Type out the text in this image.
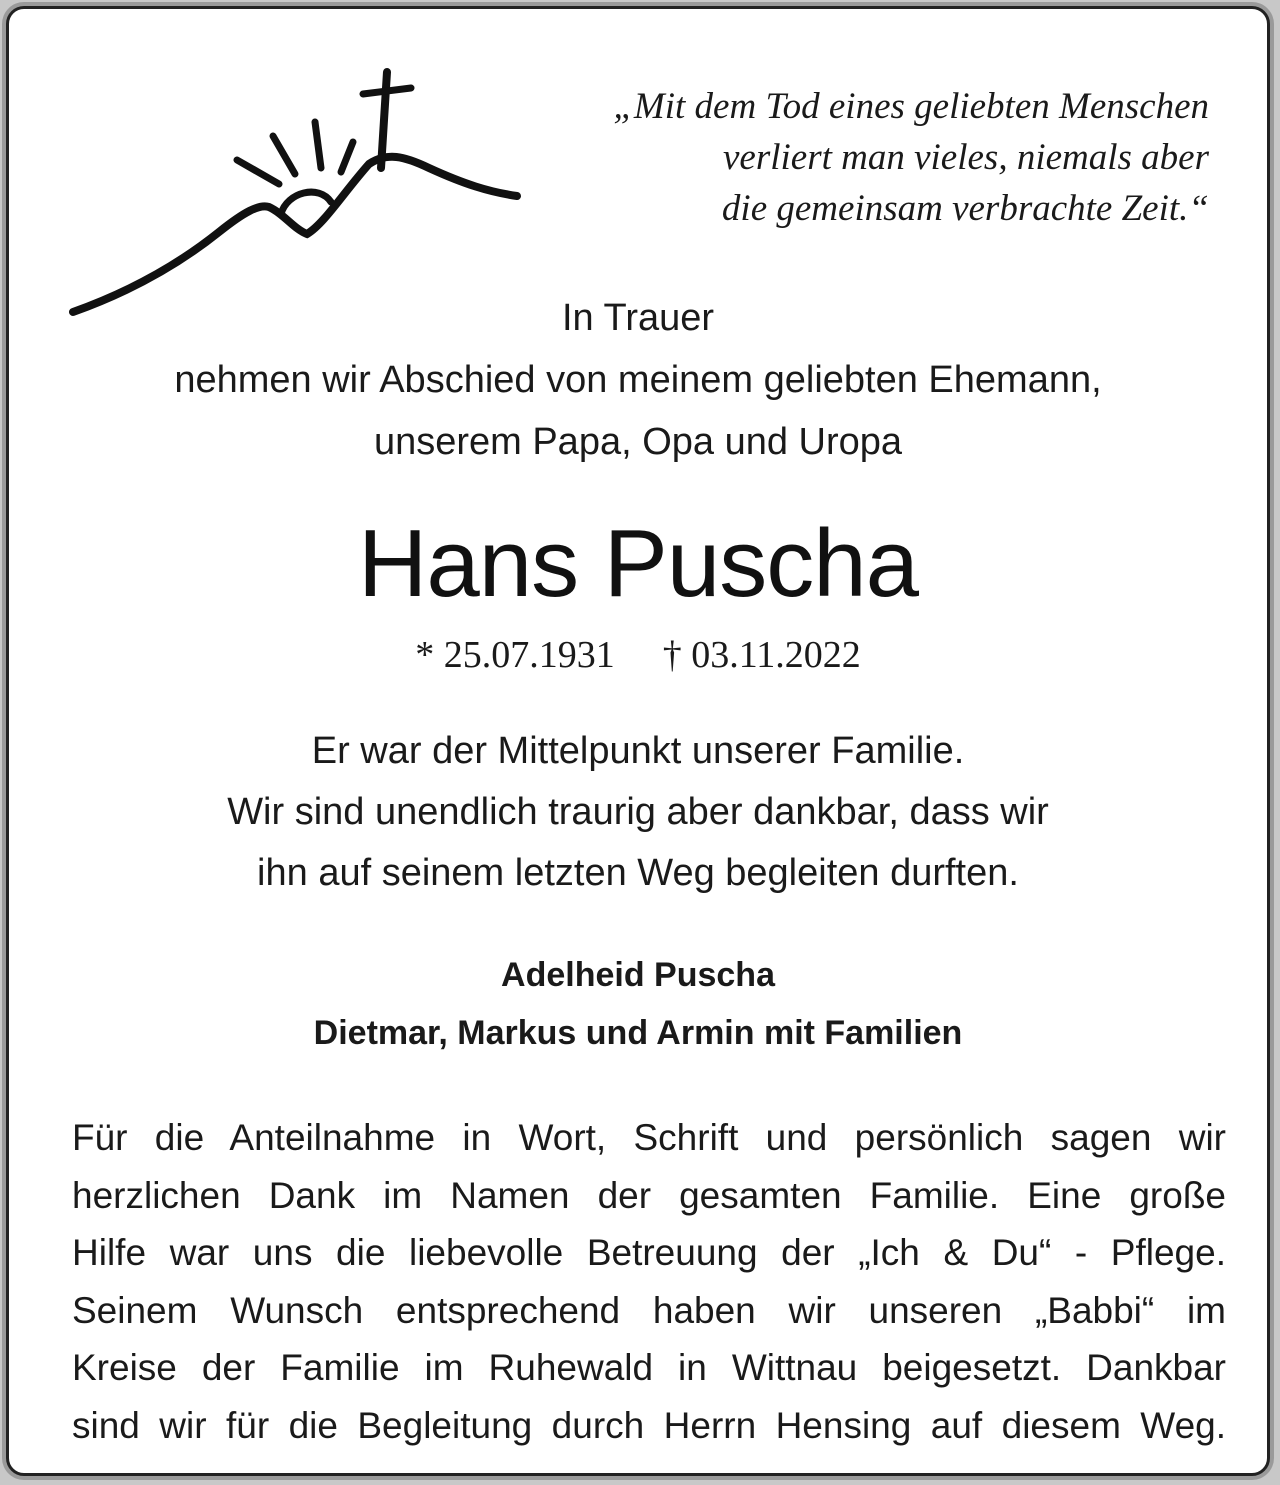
„Mit dem Tod eines geliebten Menschen
verliert man vieles, niemals aber
die gemeinsam verbrachte Zeit.“
In Trauer
nehmen wir Abschied von meinem geliebten Ehemann,
unserem Papa, Opa und Uropa
Hans Puscha
* 25.07.1931 † 03.11.2022
Er war der Mittelpunkt unserer Familie.
Wir sind unendlich traurig aber dankbar, dass wir
ihn auf seinem letzten Weg begleiten durften.
Adelheid Puscha
Dietmar, Markus und Armin mit Familien
Für die Anteilnahme in Wort, Schrift und persönlich sagen wir
herzlichen Dank im Namen der gesamten Familie. Eine große
Hilfe war uns die liebevolle Betreuung der „Ich & Du“ - Pflege.
Seinem Wunsch entsprechend haben wir unseren „Babbi“ im
Kreise der Familie im Ruhewald in Wittnau beigesetzt. Dankbar
sind wir für die Begleitung durch Herrn Hensing auf diesem Weg.
